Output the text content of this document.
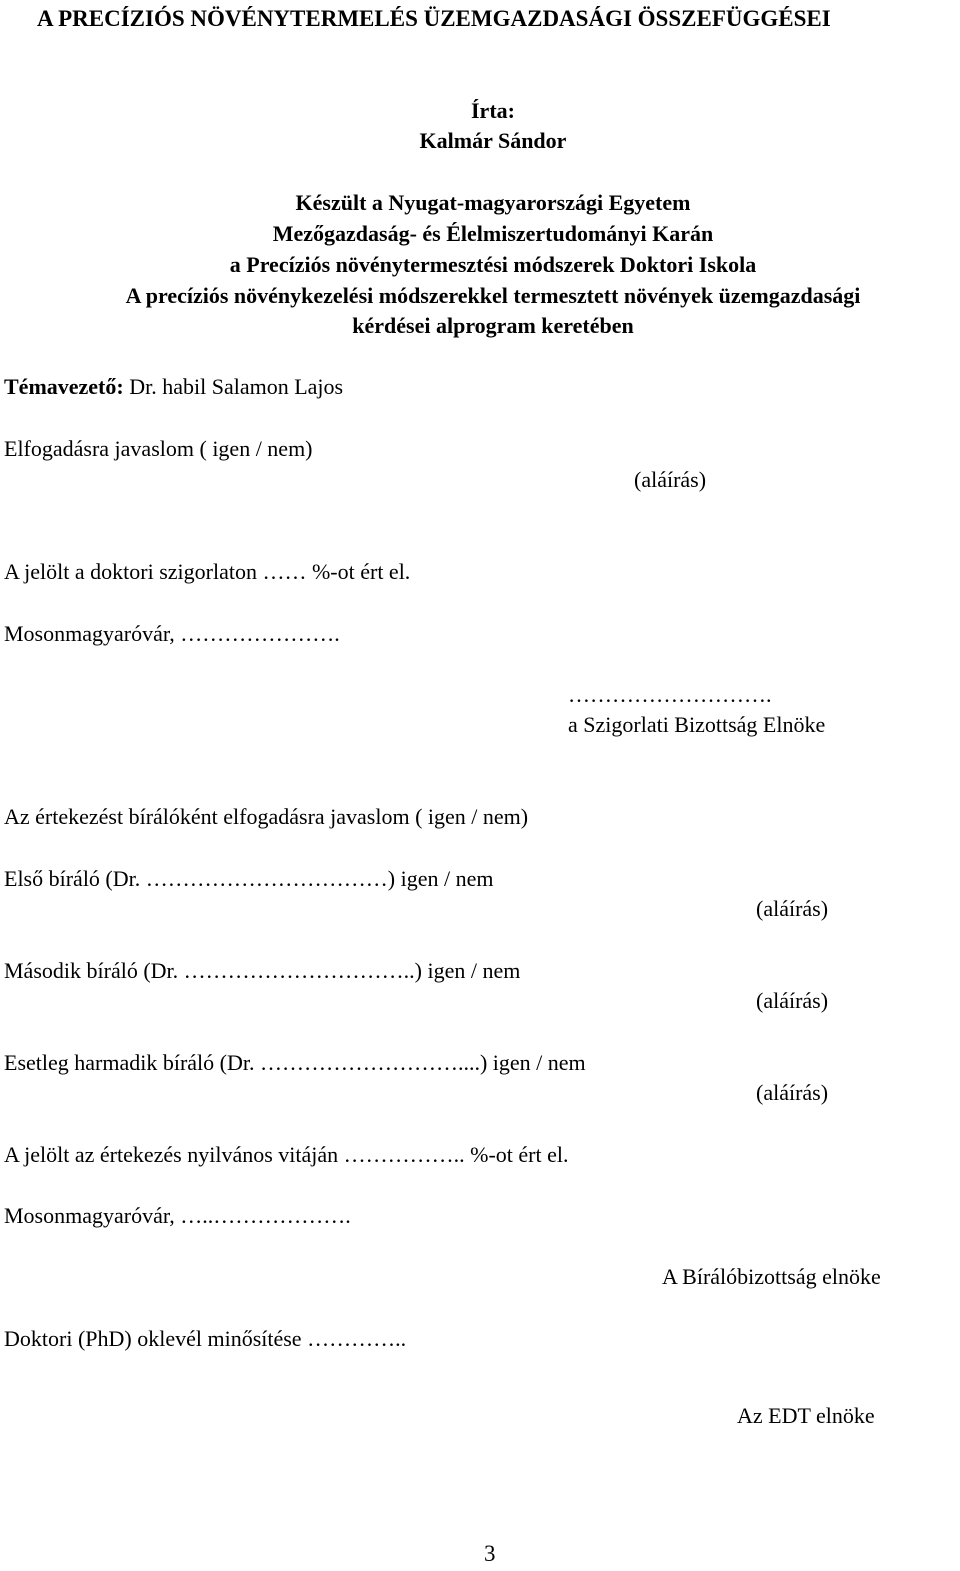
A PRECÍZIÓS NÖVÉNYTERMELÉS ÜZEMGAZDASÁGI ÖSSZEFÜGGÉSEI
Írta:
Kalmár Sándor
Készült a Nyugat-magyarországi Egyetem
Mezőgazdaság- és Élelmiszertudományi Karán
a Precíziós növénytermesztési módszerek Doktori Iskola
A precíziós növénykezelési módszerekkel termesztett növények üzemgazdasági
kérdései alprogram keretében
Témavezető: Dr. habil Salamon Lajos
Elfogadásra javaslom ( igen / nem)
(aláírás)
A jelölt a doktori szigorlaton …… %-ot ért el.
Mosonmagyaróvár, ………………….
……………………….
a Szigorlati Bizottság Elnöke
Az értekezést bírálóként elfogadásra javaslom ( igen / nem)
Első bíráló (Dr. ……………………………) igen / nem
(aláírás)
Második bíráló (Dr. …………………………..) igen / nem
(aláírás)
Esetleg harmadik bíráló (Dr. ………………………....) igen / nem
(aláírás)
A jelölt az értekezés nyilvános vitáján …………….. %-ot ért el.
Mosonmagyaróvár, …..……………….
A Bírálóbizottság elnöke
Doktori (PhD) oklevél minősítése …………..
Az EDT elnöke
3
